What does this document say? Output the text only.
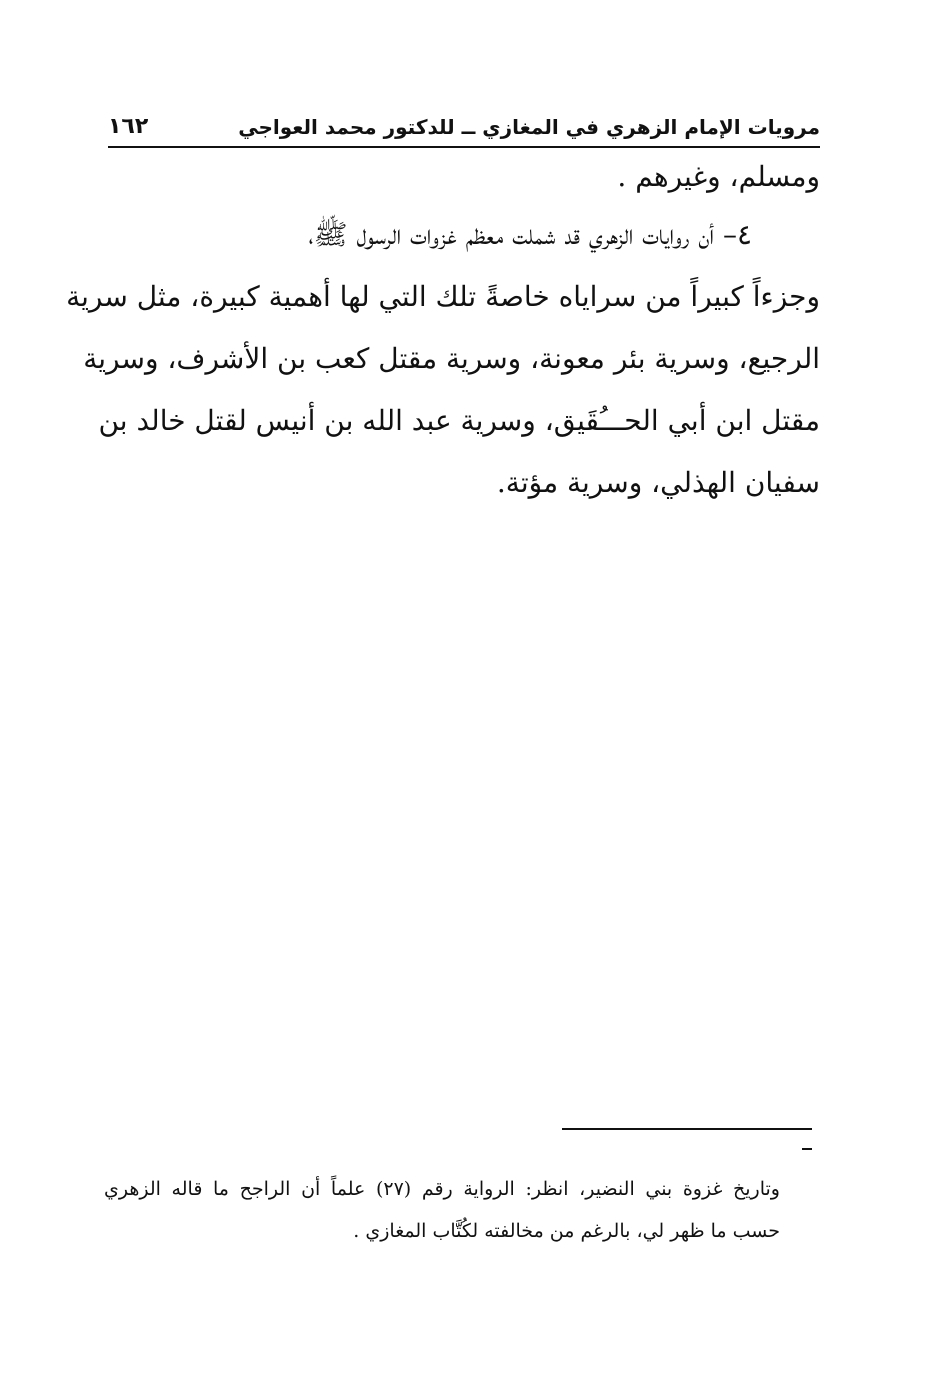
مرويات الإمام الزهري في المغازي ــ للدكتور محمد العواجي
١٦٢
ومسلم، وغيرهم .
٤– أن روايات الزهري قد شملت معظم غزوات الرسول ﷺ،
وجزءاً كبيراً من سراياه خاصةً تلك التي لها أهمية كبيرة، مثل سرية
الرجيع، وسرية بئر معونة، وسرية مقتل كعب بن الأشرف، وسرية
مقتل ابن أبي الحـــُقَيق، وسرية عبد الله بن أنيس لقتل خالد بن
سفيان الهذلي، وسرية مؤتة.
وتاريخ غزوة بني النضير، انظر: الرواية رقم (٢٧) علماً أن الراجح ما قاله الزهري
حسب ما ظهر لي، بالرغم من مخالفته لكُتَّاب المغازي .
